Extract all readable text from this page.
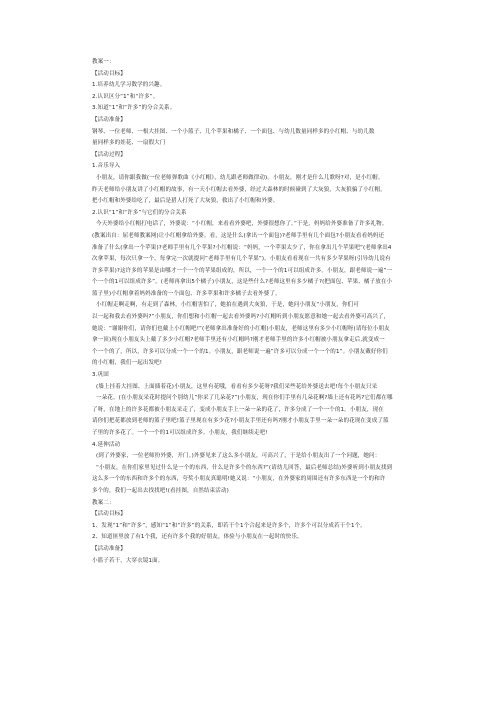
教案一：
【活动目标】
1.培养幼儿学习数学的兴趣。
2.认识区分“1”和“许多”。
3.知道“1”和“许多”的分合关系。
【活动准备】
钢琴、一位老师、一根大挂图、一个小篮子、几个苹果和橘子、一个面包、与幼儿数量同样多的小红帽、与幼儿数
量同样多的娃花、一扇假大门
【活动过程】
1.音乐导入
小朋友，请你跟我做(一位老师弹歌曲《小红帽》，幼儿跟老师做律动)。小朋友，刚才是什么儿歌呀?对，是小红帽。
昨天老师给小朋友讲了小红帽的故事，有一天小红帽去看外婆，经过大森林的时候碰到了大灰狼，大灰狼骗了小红帽，
把小红帽和外婆给吃了，最后是猎人打死了大灰狼，救出了小红帽和外婆。
2.认识“1”和“许多”与它们的分合关系
今天外婆给小红帽打电话了，外婆说：“小红帽，来看看外婆吧，外婆很想你了。”于是，妈妈给外婆准备了许多礼物。
(教案出自：屈老师教案网)让小红帽拿给外婆。看，这是什么(拿出一个面包)?老师手里有几个面包?小朋友看看妈妈还
准备了什么(拿出一个苹果)?老师手里有几个苹果?小红帽说：“妈妈，一个苹果太少了，你在拿出几个苹果吧”(老师拿出4
次拿苹果，每次只拿一个，每拿完一次就提问”老师手里有几个苹果”)。小朋友看看现在一共有多少苹果呀(引导幼儿说有
许多苹果)?这许多的苹果是由哪才一个一个的苹果组成的，所以，一个一个的1可以组成许多。小朋友，跟老师说一遍”一
个一个的1可以组成许多”。(老师再拿出5个橘子)小朋友，这是些什么?老师这里有多少橘子?(把面包、苹果、橘子放在小
篮子里)小红帽拿着妈妈准备的一个面包、许多苹果和许多橘子去看外婆了。
小红帽走啊走啊，有走到了森林，小红帽害怕了，她拍在遇到大灰狼，于是，她问小朋友“小朋友，你们可
以一起和我去看外婆吗?”小朋友，你们想和小红帽一起去看外婆吗?小红帽听到小朋友愿意和她一起去看外婆可高兴了，
她说：“谢谢你们，请你们也戴上小红帽吧!”(老师拿出准备好的小红帽)小朋友，老师这里有多少小红帽呀(请每位小朋友
拿一顶)现在小朋友头上戴了多少小红帽?老师手里还有小红帽吗?刚才老师手里的许多小红帽被小朋友拿走后,就变成一
个一个的了，所以，许多可以分成一个一个的1。小朋友，跟老师说一遍”许多可以分成一个一个的1”。小朋友戴好你们
的小红帽，我们一起出发吧!
3.巩固
(墙上挂着大挂图、上面插着花)小朋友，这里有花哦，看看有多少花呀?我们采些花给外婆送去吧!每个小朋友只采
一朵花。(在小朋友采花时提问个别幼儿”你采了几朵花?”)小朋友，现在你们手里有几朵花啊?墙上还有花吗?它们都在哪
了呀，在地上的许多花都被小朋友采走了，变成小朋友手上一朵一朵的花了，许多分成了一个一个的1。小朋友，现在
请你们把花都放到老师的篮子里吧!篮子里现在有多少花?小朋友手里还有吗?刚才小朋友手里一朵一朵的花现在变成了篮
子里的许多花了。一个一个的1可以组成许多。小朋友，我们继续走吧!
4.延伸活动
(到了外婆家，一位老师扮外婆，开门。)外婆见来了这么多小朋友，可高兴了，于是给小朋友出了一个问题，她问：
“小朋友，在你们家里见过什么是一个的东西，什么是许多个的东西?”(请幼儿回答，最后老师总结)外婆听到小朋友找到
这么多一个的东西和许多个的东西，夸奖小朋友真聪明!她又说：“小朋友，在外婆家的周围还有许多东西是一个的和许
多个的，我们一起出去找找吧!(看挂图，自然结束活动)
教案二：
【活动目标】
1、发现“1”和“许多”，感知“1”和“许多”的关系，即若干个1个合起来是许多个，许多个可以分成若干个1个。
2、知道匪里放了有1个我，还有许多个我的好朋友，体验与小朋友在一起时的快乐。
【活动准备】
小篮子若干，大穿衣镜1面。
